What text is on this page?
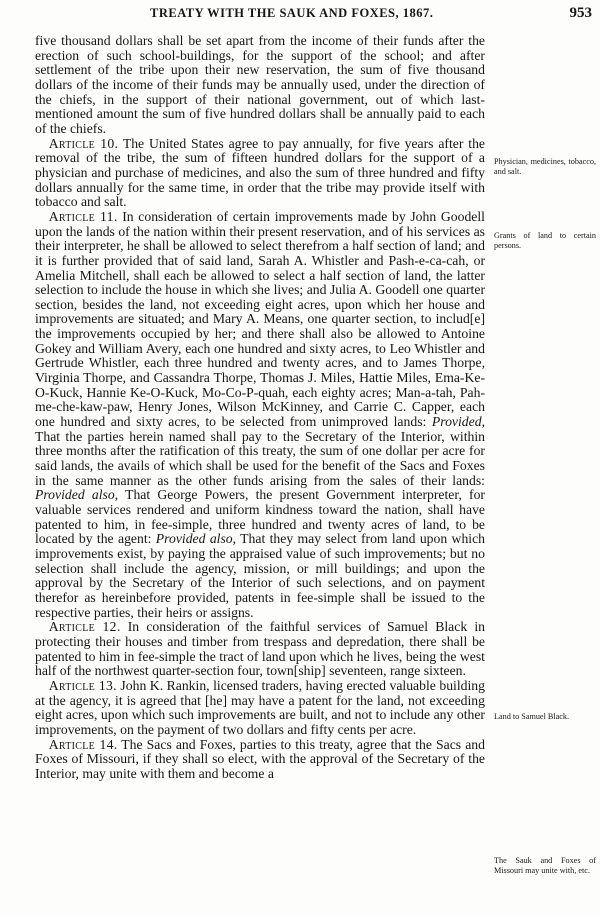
TREATY WITH THE SAUK AND FOXES, 1867.	953

five thousand dollars shall be set apart from the income of their funds after the erection of such school-buildings, for the support of the school; and after settlement of the tribe upon their new reservation, the sum of five thousand dollars of the income of their funds may be annually used, under the direction of the chiefs, in the support of their national government, out of which last-mentioned amount the sum of five hundred dollars shall be annually paid to each of the chiefs.

 Article 10. The United States agree to pay annually, for five years after the removal of the tribe, the sum of fifteen hundred dollars for the support of a physician and purchase of medicines, and also the sum of three hundred and fifty dollars annually for the same time, in order that the tribe may provide itself with tobacco and salt.

 Article 11. In consideration of certain improvements made by John Goodell upon the lands of the nation within their present reservation, and of his services as their interpreter, he shall be allowed to select therefrom a half section of land; and it is further provided that of said land, Sarah A. Whistler and Pash-e-ca-cah, or Amelia Mitchell, shall each be allowed to select a half section of land, the latter selection to include the house in which she lives; and Julia A. Goodell one quarter section, besides the land, not exceeding eight acres, upon which her house and improvements are situated; and Mary A. Means, one quarter section, to includ[e] the improvements occupied by her; and there shall also be allowed to Antoine Gokey and William Avery, each one hundred and sixty acres, to Leo Whistler and Gertrude Whistler, each three hundred and twenty acres, and to James Thorpe, Virginia Thorpe, and Cassandra Thorpe, Thomas J. Miles, Hattie Miles, Ema-Ke-O-Kuck, Hannie Ke-O-Kuck, Mo-Co-P-quah, each eighty acres; Man-a-tah, Pah-me-che-kaw-paw, Henry Jones, Wilson McKinney, and Carrie C. Capper, each one hundred and sixty acres, to be selected from unimproved lands: Provided, That the parties herein named shall pay to the Secretary of the Interior, within three months after the ratification of this treaty, the sum of one dollar per acre for said lands, the avails of which shall be used for the benefit of the Sacs and Foxes in the same manner as the other funds arising from the sales of their lands: Provided also, That George Powers, the present Government interpreter, for valuable services rendered and uniform kindness toward the nation, shall have patented to him, in fee-simple, three hundred and twenty acres of land, to be located by the agent: Provided also, That they may select from land upon which improvements exist, by paying the appraised value of such improvements; but no selection shall include the agency, mission, or mill buildings; and upon the approval by the Secretary of the Interior of such selections, and on payment therefor as hereinbefore provided, patents in fee-simple shall be issued to the respective parties, their heirs or assigns.

 Article 12. In consideration of the faithful services of Samuel Black in protecting their houses and timber from trespass and depredation, there shall be patented to him in fee-simple the tract of land upon which he lives, being the west half of the northwest quarter-section four, town[ship] seventeen, range sixteen.

 Article 13. John K. Rankin, licensed traders, having erected valuable building at the agency, it is agreed that [he] may have a patent for the land, not exceeding eight acres, upon which such improvements are built, and not to include any other improvements, on the payment of two dollars and fifty cents per acre.

 Article 14. The Sacs and Foxes, parties to this treaty, agree that the Sacs and Foxes of Missouri, if they shall so elect, with the approval of the Secretary of the Interior, may unite with them and become a

Physician, medicines, tobacco, and salt.
Grants of land to certain persons.
Land to Samuel Black.
The Sauk and Foxes of Missouri may unite with, etc.
